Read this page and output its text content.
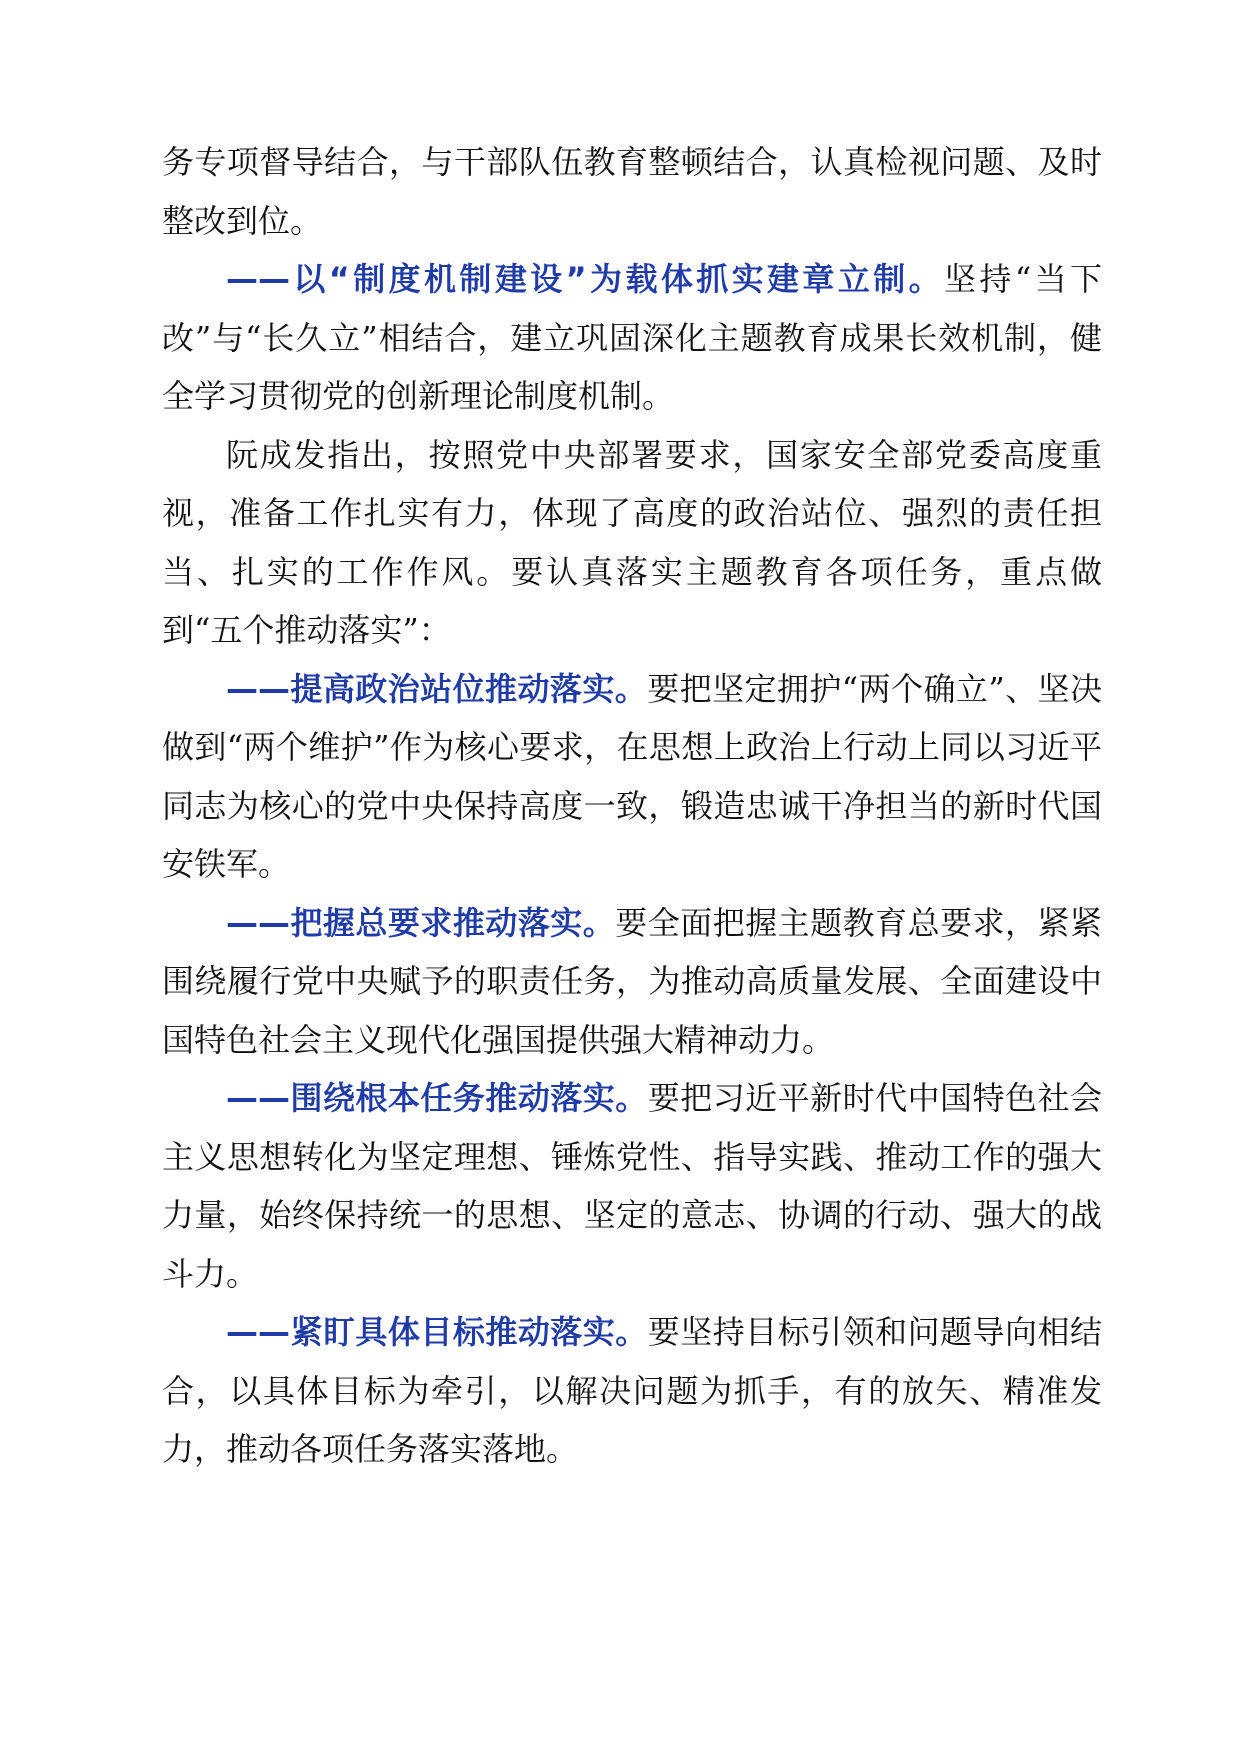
务专项督导结合，与干部队伍教育整顿结合，认真检视问题、及时整改到位。

——以“制度机制建设”为载体抓实建章立制。坚持“当下改”与“长久立”相结合，建立巩固深化主题教育成果长效机制，健全学习贯彻党的创新理论制度机制。

阮成发指出，按照党中央部署要求，国家安全部党委高度重视，准备工作扎实有力，体现了高度的政治站位、强烈的责任担当、扎实的工作作风。要认真落实主题教育各项任务，重点做到“五个推动落实”：

——提高政治站位推动落实。要把坚定拥护“两个确立”、坚决做到“两个维护”作为核心要求，在思想上政治上行动上同以习近平同志为核心的党中央保持高度一致，锻造忠诚干净担当的新时代国安铁军。

——把握总要求推动落实。要全面把握主题教育总要求，紧紧围绕履行党中央赋予的职责任务，为推动高质量发展、全面建设中国特色社会主义现代化强国提供强大精神动力。

——围绕根本任务推动落实。要把习近平新时代中国特色社会主义思想转化为坚定理想、锤炼党性、指导实践、推动工作的强大力量，始终保持统一的思想、坚定的意志、协调的行动、强大的战斗力。

——紧盯具体目标推动落实。要坚持目标引领和问题导向相结合，以具体目标为牵引，以解决问题为抓手，有的放矢、精准发力，推动各项任务落实落地。
